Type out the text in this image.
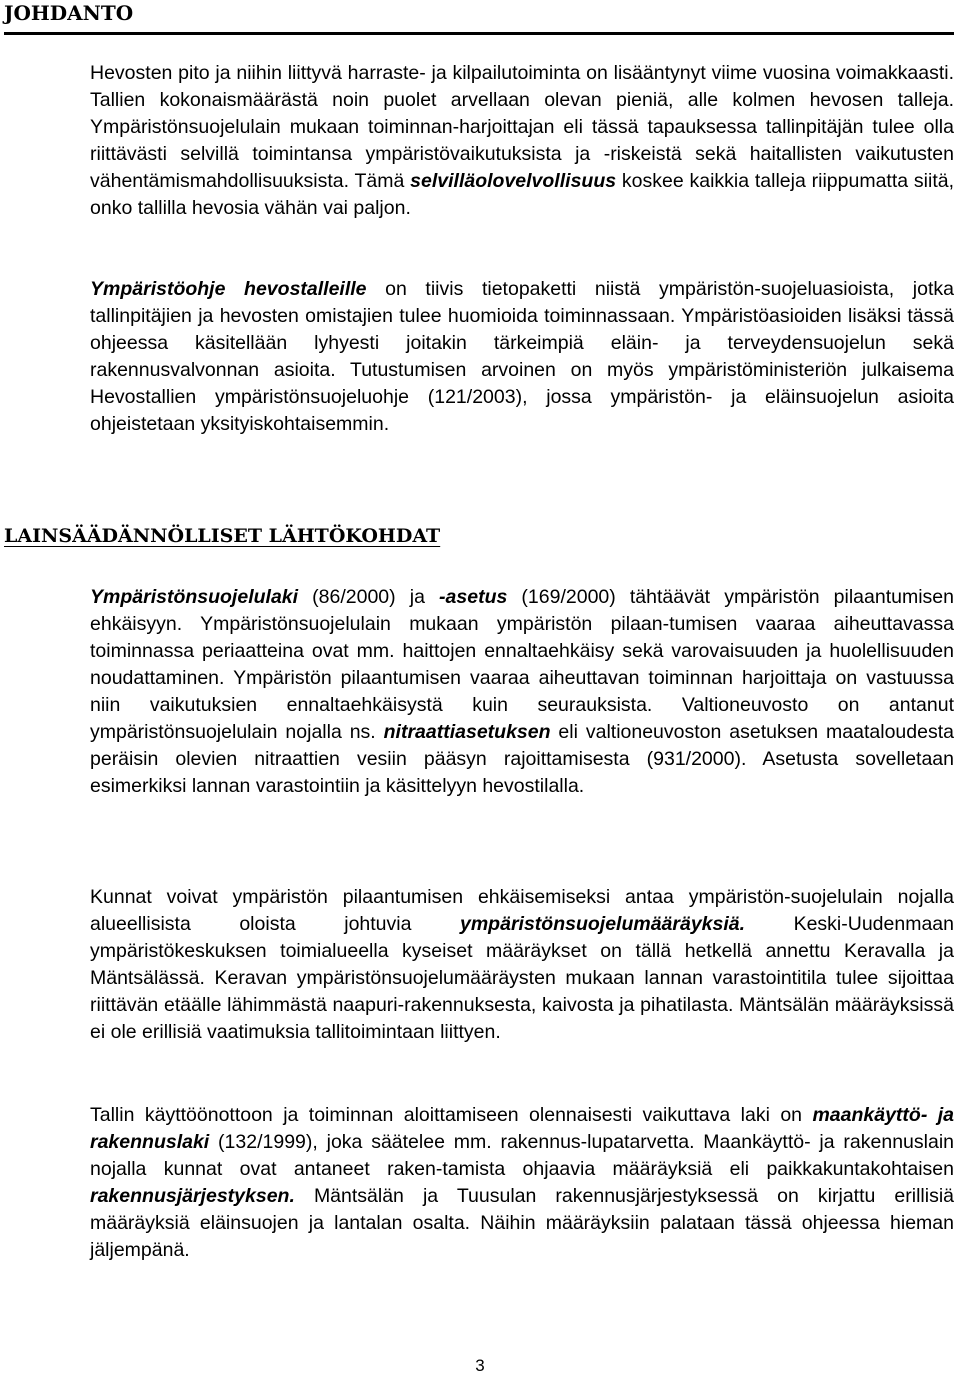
JOHDANTO

Hevosten pito ja niihin liittyvä harraste- ja kilpailutoiminta on lisääntynyt viime vuosina voimakkaasti. Tallien kokonaismäärästä noin puolet arvellaan olevan pieniä, alle kolmen hevosen talleja. Ympäristönsuojelulain mukaan toiminnan-harjoittajan eli tässä tapauksessa tallinpitäjän tulee olla riittävästi selvillä toimintansa ympäristövaikutuksista ja -riskeistä sekä haitallisten vaikutusten vähentämismahdollisuuksista. Tämä selvilläolovelvollisuus koskee kaikkia talleja riippumatta siitä, onko tallilla hevosia vähän vai paljon.

Ympäristöohje hevostalleille on tiivis tietopaketti niistä ympäristön-suojeluasioista, jotka tallinpitäjien ja hevosten omistajien tulee huomioida toiminnassaan. Ympäristöasioiden lisäksi tässä ohjeessa käsitellään lyhyesti joitakin tärkeimpiä eläin- ja terveydensuojelun sekä rakennusvalvonnan asioita. Tutustumisen arvoinen on myös ympäristöministeriön julkaisema Hevostallien ympäristönsuojeluohje (121/2003), jossa ympäristön- ja eläinsuojelun asioita ohjeistetaan yksityiskohtaisemmin.

LAINSÄÄDÄNNÖLLISET LÄHTÖKOHDAT

Ympäristönsuojelulaki (86/2000) ja -asetus (169/2000) tähtäävät ympäristön pilaantumisen ehkäisyyn. Ympäristönsuojelulain mukaan ympäristön pilaan-tumisen vaaraa aiheuttavassa toiminnassa periaatteina ovat mm. haittojen ennaltaehkäisy sekä varovaisuuden ja huolellisuuden noudattaminen. Ympäristön pilaantumisen vaaraa aiheuttavan toiminnan harjoittaja on vastuussa niin vaikutuksien ennaltaehkäisystä kuin seurauksista. Valtioneuvosto on antanut ympäristönsuojelulain nojalla ns. nitraattiasetuksen eli valtioneuvoston asetuksen maataloudesta peräisin olevien nitraattien vesiin pääsyn rajoittamisesta (931/2000). Asetusta sovelletaan esimerkiksi lannan varastointiin ja käsittelyyn hevostilalla.

Kunnat voivat ympäristön pilaantumisen ehkäisemiseksi antaa ympäristön-suojelulain nojalla alueellisista oloista johtuvia ympäristönsuojelumääräyksiä. Keski-Uudenmaan ympäristökeskuksen toimialueella kyseiset määräykset on tällä hetkellä annettu Keravalla ja Mäntsälässä. Keravan ympäristönsuojelumääräysten mukaan lannan varastointitila tulee sijoittaa riittävän etäälle lähimmästä naapuri-rakennuksesta, kaivosta ja pihatilasta. Mäntsälän määräyksissä ei ole erillisiä vaatimuksia tallitoimintaan liittyen.

Tallin käyttöönottoon ja toiminnan aloittamiseen olennaisesti vaikuttava laki on maankäyttö- ja rakennuslaki (132/1999), joka säätelee mm. rakennus-lupatarvetta. Maankäyttö- ja rakennuslain nojalla kunnat ovat antaneet raken-tamista ohjaavia määräyksiä eli paikkakuntakohtaisen rakennusjärjestyksen. Mäntsälän ja Tuusulan rakennusjärjestyksessä on kirjattu erillisiä määräyksiä eläinsuojen ja lantalan osalta. Näihin määräyksiin palataan tässä ohjeessa hieman jäljempänä.

3
